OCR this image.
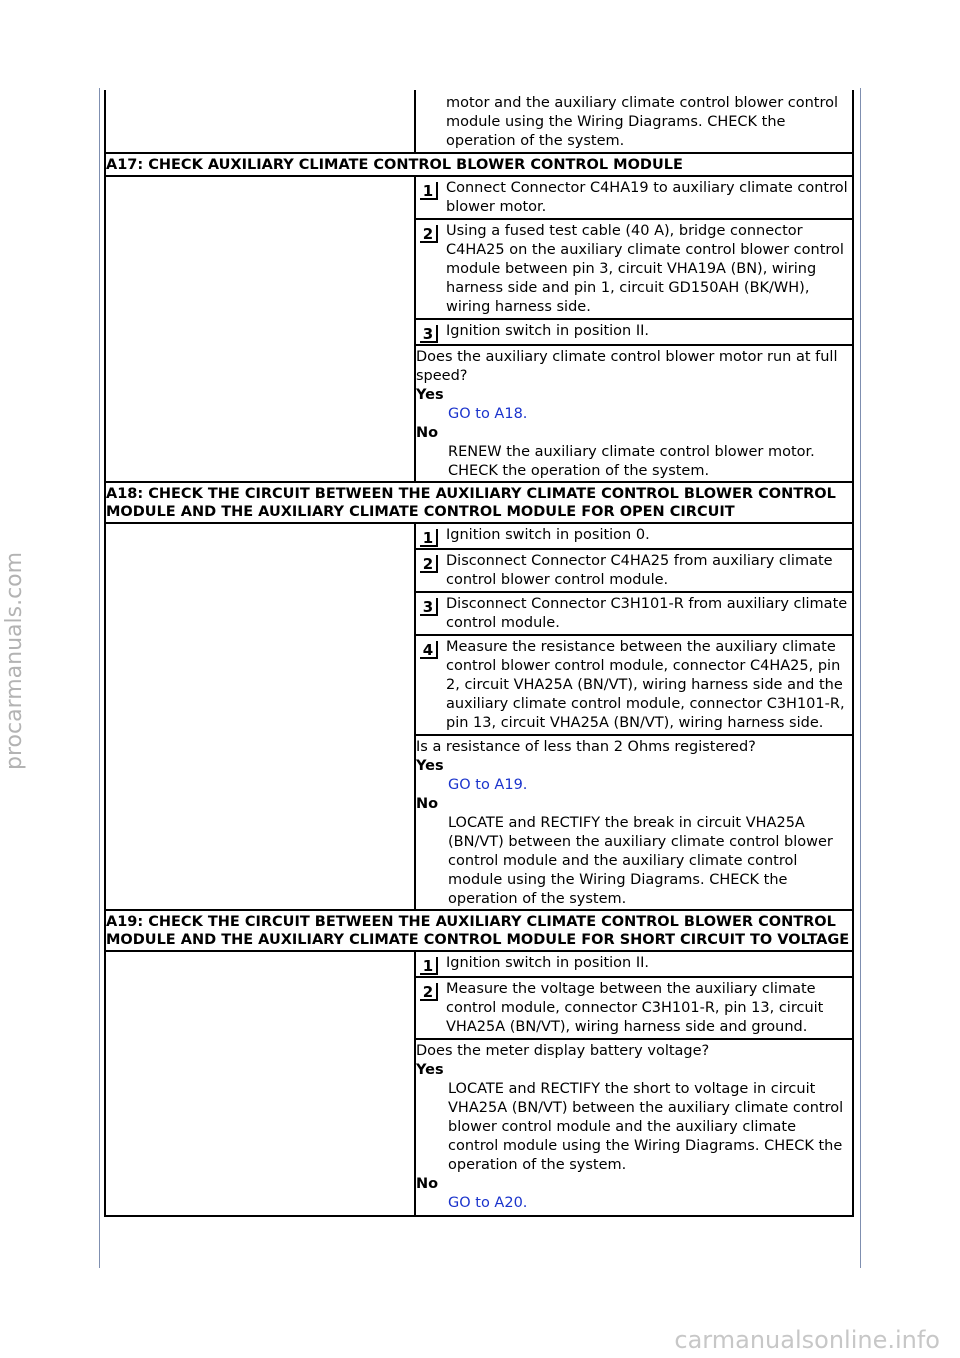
procarmanuals.com
motor and the auxiliary climate control blower control module using the Wiring Diagrams. CHECK the operation of the system.
A17: CHECK AUXILIARY CLIMATE CONTROL BLOWER CONTROL MODULE
1 Connect Connector C4HA19 to auxiliary climate control blower motor.
2 Using a fused test cable (40 A), bridge connector C4HA25 on the auxiliary climate control blower control module between pin 3, circuit VHA19A (BN), wiring harness side and pin 1, circuit GD150AH (BK/WH), wiring harness side.
3 Ignition switch in position II.
Does the auxiliary climate control blower motor run at full speed?
Yes
GO to A18.
No
RENEW the auxiliary climate control blower motor. CHECK the operation of the system.
A18: CHECK THE CIRCUIT BETWEEN THE AUXILIARY CLIMATE CONTROL BLOWER CONTROL MODULE AND THE AUXILIARY CLIMATE CONTROL MODULE FOR OPEN CIRCUIT
1 Ignition switch in position 0.
2 Disconnect Connector C4HA25 from auxiliary climate control blower control module.
3 Disconnect Connector C3H101-R from auxiliary climate control module.
4 Measure the resistance between the auxiliary climate control blower control module, connector C4HA25, pin 2, circuit VHA25A (BN/VT), wiring harness side and the auxiliary climate control module, connector C3H101-R, pin 13, circuit VHA25A (BN/VT), wiring harness side.
Is a resistance of less than 2 Ohms registered?
Yes
GO to A19.
No
LOCATE and RECTIFY the break in circuit VHA25A (BN/VT) between the auxiliary climate control blower control module and the auxiliary climate control module using the Wiring Diagrams. CHECK the operation of the system.
A19: CHECK THE CIRCUIT BETWEEN THE AUXILIARY CLIMATE CONTROL BLOWER CONTROL MODULE AND THE AUXILIARY CLIMATE CONTROL MODULE FOR SHORT CIRCUIT TO VOLTAGE
1 Ignition switch in position II.
2 Measure the voltage between the auxiliary climate control module, connector C3H101-R, pin 13, circuit VHA25A (BN/VT), wiring harness side and ground.
Does the meter display battery voltage?
Yes
LOCATE and RECTIFY the short to voltage in circuit VHA25A (BN/VT) between the auxiliary climate control blower control module and the auxiliary climate control module using the Wiring Diagrams. CHECK the operation of the system.
No
GO to A20.
carmanualsonline.info
